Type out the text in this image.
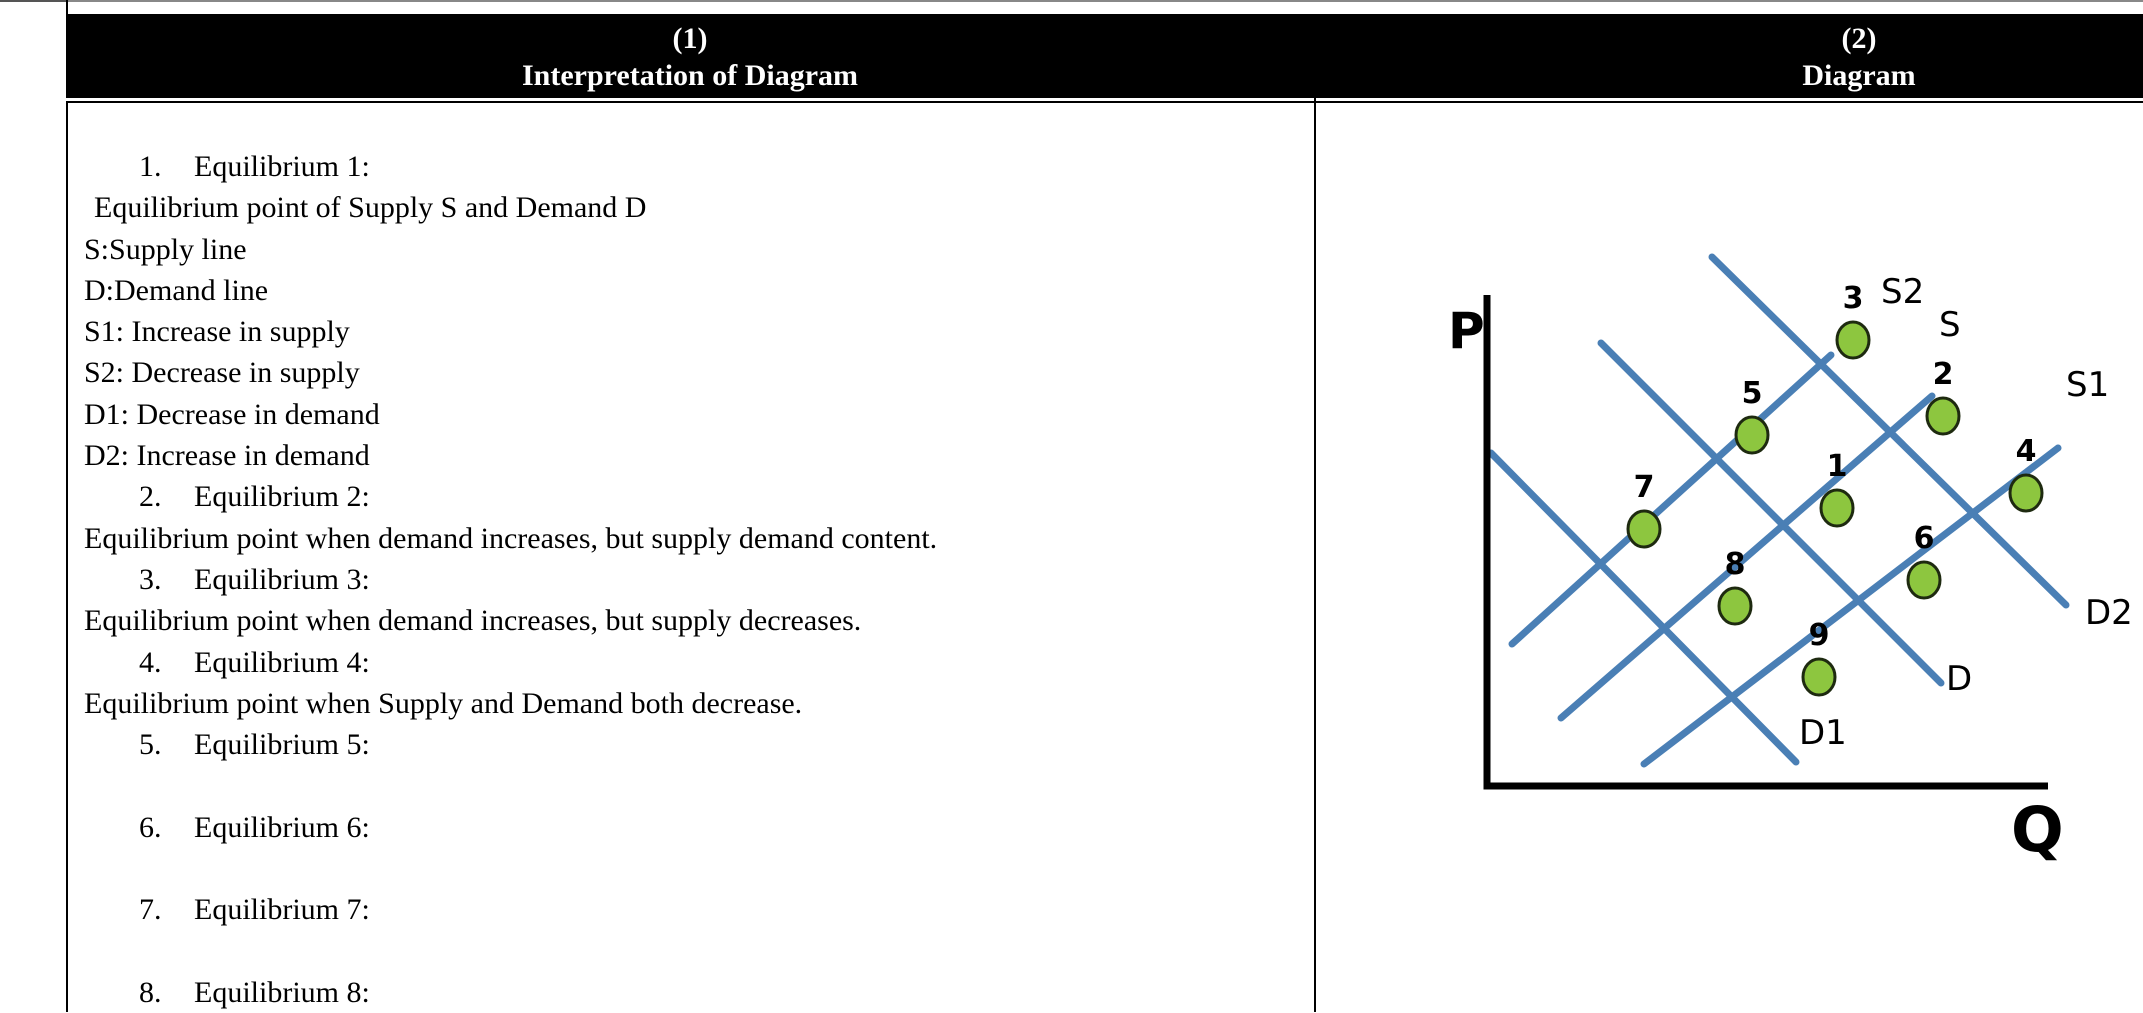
(1)
Interpretation of Diagram
(2)
Diagram
1. Equilibrium 1:
Equilibrium point of Supply S and Demand D
S:Supply line
D:Demand line
S1: Increase in supply
S2: Decrease in supply
D1: Decrease in demand
D2: Increase in demand
2. Equilibrium 2:
Equilibrium point when demand increases, but supply demand content.
3. Equilibrium 3:
Equilibrium point when demand increases, but supply decreases.
4. Equilibrium 4:
Equilibrium point when Supply and Demand both decrease.
5. Equilibrium 5:
6. Equilibrium 6:
7. Equilibrium 7:
8. Equilibrium 8:
1
2
3
4
5
6
7
8
9
S2
S
S1
D1
D
D2
P
Q
